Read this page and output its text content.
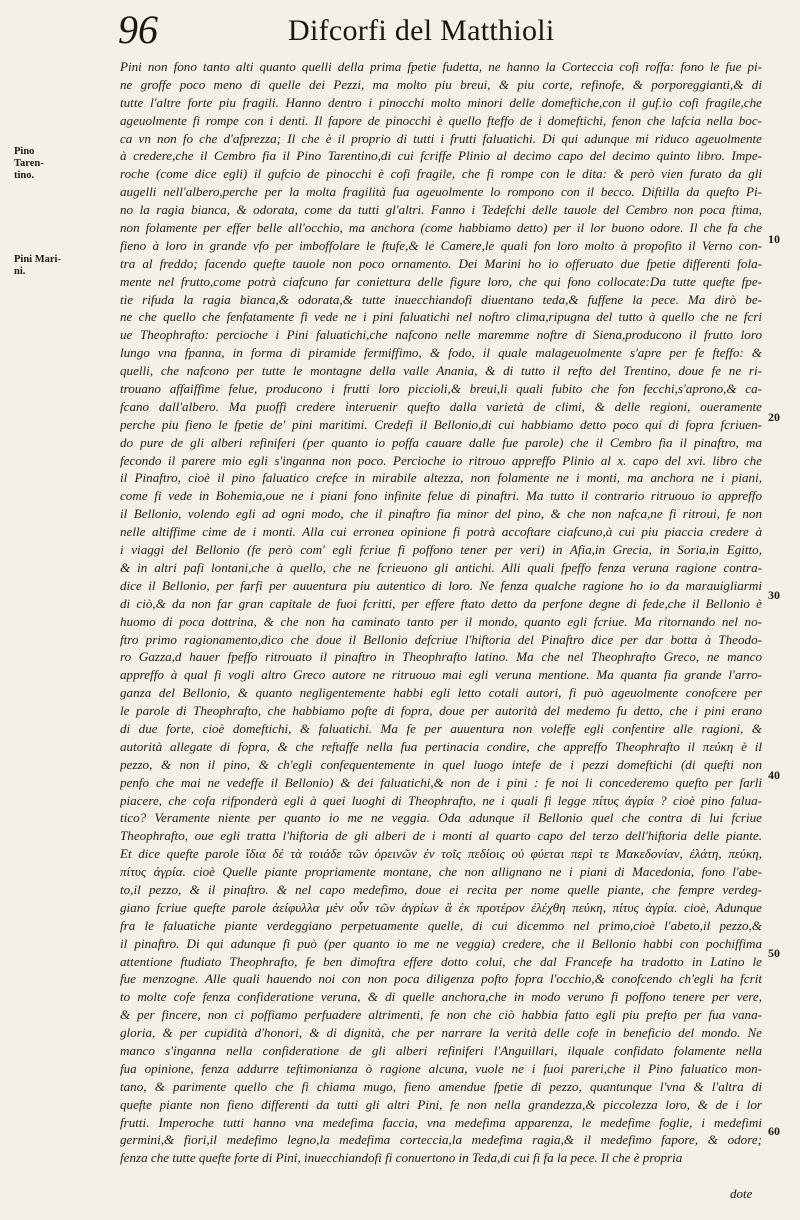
96	Difcorfi del Matthioli
Pino Taren-tino.
Pini Mari-ni.
10
20
30
40
50
60
Pini non fono tanto alti quanto quelli della prima fpetie fudetta, ne hanno la Corteccia cofi roffa: fono le fue pi-
ne groffe poco meno di quelle dei Pezzi, ma molto piu breui, & piu corte, refinofe, & porporeggianti,& di
tutte l'altre forte piu fragili. Hanno dentro i pinocchi molto minori delle domeftiche,con il guf.io cofi fragile,che
ageuolmente fi rompe con i denti. Il fapore de pinocchi è quello fteffo de i domeftichi, fenon che lafcia nella boc-
ca vn non fo che d'afprezza; Il che è il proprio di tutti i frutti faluatichi. Di qui adunque mi riduco ageuolmente
à credere,che il Cembro fia il Pino Tarentino,di cui fcriffe Plinio al decimo capo del decimo quinto libro. Impe-
roche (come dice egli) il gufcio de pinocchi è cofi fragile, che fi rompe con le dita: & però vien furato da gli
augelli nell'albero,perche per la molta fragilità fua ageuolmente lo rompono con il becco. Diftilla da quefto Pi-
no la ragia bianca, & odorata, come da tutti gl'altri. Fanno i Tedefchi delle tauole del Cembro non poca ftima,
non folamente per effer belle all'occhio, ma anchora (come habbiamo detto) per il lor buono odore. Il che fa che
fieno à loro in grande vfo per imboffolare le ftufe,& le Camere,le quali fon loro molto à propofito il Verno con-
tra al freddo; facendo quefte tauole non poco ornamento. Dei Marini ho io offeruato due fpetie differenti fola-
mente nel frutto,come potrà ciafcuno far coniettura delle figure loro, che qui fono collocate:Da tutte quefte fpe-
tie rifuda la ragia bianca,& odorata,& tutte inuecchiandofi diuentano teda,& fuffene la pece. Ma dirò be-
ne che quello che fenfatamente fi vede ne i pini faluatichi nel noftro clima,ripugna del tutto à quello che ne fcri
ue Theophrafto: percioche i Pini faluatichi,che nafcono nelle maremme noftre di Siena,producono il frutto loro
lungo vna fpanna, in forma di piramide fermiffimo, & fodo, il quale malageuolmente s'apre per fe fteffo: &
quelli, che nafcono per tutte le montagne della valle Anania, & di tutto il refto del Trentino, doue fe ne ri-
trouano affaiffime felue, producono i frutti loro piccioli,& breui,li quali fubito che fon fecchi,s'aprono,& ca-
fcano dall'albero. Ma puoffi credere interuenir quefto dalla varietà de climi, & delle regioni, oueramente
perche piu fieno le fpetie de' pini maritimi. Credefi il Bellonio,di cui habbiamo detto poco qui di fopra fcriuen-
do pure de gli alberi refiniferi (per quanto io poffa cauare dalle fue parole) che il Cembro fia il pinaftro, ma
fecondo il parere mio egli s'inganna non poco. Percioche io ritrouo appreffo Plinio al x. capo del xvi. libro che
il Pinaftro, cioè il pino faluatico crefce in mirabile altezza, non folamente ne i monti, ma anchora ne i piani,
come fi vede in Bohemia,oue ne i piani fono infinite felue di pinaftri. Ma tutto il contrario ritruouo io appreffo
il Bellonio, volendo egli ad ogni modo, che il pinaftro fia minor del pino, & che non nafca,ne fi ritroui, fe non
nelle altiffime cime de i monti. Alla cui erronea opinione fi potrà accoftare ciafcuno,à cui piu piaccia credere à
i viaggi del Bellonio (fe però com' egli fcriue fi poffono tener per veri) in Afia,in Grecia, in Soria,in Egitto,
& in altri pafi lontani,che à quello, che ne fcrieuono gli antichi. Alli quali fpeffo fenza veruna ragione contra-
dice il Bellonio, per farfi per auuentura piu autentico di loro. Ne fenza qualche ragione ho io da marauigliarmi
di ciò,& da non far gran capitale de fuoi fcritti, per effere ftato detto da perfone degne di fede,che il Bellonio è
huomo di poca dottrina, & che non ha caminato tanto per il mondo, quanto egli fcriue. Ma ritornando nel no-
ftro primo ragionamento,dico che doue il Bellonio defcriue l'hiftoria del Pinaftro dice per dar botta à Theodo-
ro Gazza,d hauer fpeffo ritrouato il pinaftro in Theophrafto latino. Ma che nel Theophrafto Greco, ne manco
appreffo à qual fi vogli altro Greco autore ne ritruouo mai egli veruna mentione. Ma quanta fia grande l'arro-
ganza del Bellonio, & quanto negligentemente habbi egli letto cotali autori, fi può ageuolmente conofcere per
le parole di Theophrafto, che habbiamo pofte di fopra, doue per autorità del medemo fu detto, che i pini erano
di due forte, cioè domeftichi, & faluatichi. Ma fe per auuentura non voleffe egli confentire alle ragioni, &
autorità allegate di fopra, & che reftaffe nella fua pertinacia condire, che appreffo Theophrafto il πεύκη è il
pezzo, & non il pino, & ch'egli confequentemente in quel luogo intefe de i pezzi domeftichi (di quefti non
penfo che mai ne vedeffe il Bellonio) & dei faluatichi,& non de i pini : fe noi li concederemo quefto per farli
piacere, che cofa rifponderà egli à quei luoghi di Theophrafto, ne i quali fi legge πίτυς ἀγρία ? cioè pino falua-
tico? Veramente niente per quanto io me ne veggia. Oda adunque il Bellonio quel che contra di lui fcriue
Theophrafto, oue egli tratta l'hiftoria de gli alberi de i monti al quarto capo del terzo dell'hiftoria delle piante.
Et dice quefte parole ἴδια δὲ τὰ τοιάδε τῶν ὀρεινῶν ἐν τοῖς πεδίοις οὐ φύεται περὶ τε Μακεδονίαν, ἐλάτη, πεύκη,
πίτυς ἀγρία. cioè Quelle piante propriamente montane, che non allignano ne i piani di Macedonia, fono l'abe-
to,il pezzo, & il pinaftro. & nel capo medefimo, doue ei recita per nome quelle piante, che fempre verdeg-
giano fcriue quefte parole ἀείφυλλα μὲν οὖν τῶν ἀγρίων ἃ ἐκ προτέρον ἐλέχθη πεύκη, πίτυς ἀγρία. cioè, Adunque
fra le faluatiche piante verdeggiano perpetuamente quelle, di cui dicemmo nel primo,cioè l'abeto,il pezzo,&
il pinaftro. Di qui adunque fi può (per quanto io me ne veggia) credere, che il Bellonio habbi con pochiffima
attentione ftudiato Theophrafto, fe ben dimoftra effere dotto colui, che dal Francefe ha tradotto in Latino le
fue menzogne. Alle quali hauendo noi con non poca diligenza pofto fopra l'occhio,& conofcendo ch'egli ha fcrit
to molte cofe fenza confideratione veruna, & di quelle anchora,che in modo veruno fi poffono tenere per vere,
& per fincere, non ci poffiamo perfuadere altrimenti, fe non che ciò habbia fatto egli piu prefto per fua vana-
gloria, & per cupidità d'honori, & di dignità, che per narrare la verità delle cofe in beneficio del mondo. Ne
manco s'inganna nella confideratione de gli alberi refiniferi l'Anguillari, ilquale confidato folamente nella
fua opinione, fenza addurre teftimonianza ò ragione alcuna, vuole ne i fuoi pareri,che il Pino faluatico mon-
tano, & parimente quello che fi chiama mugo, fieno amendue fpetie di pezzo, quantunque l'vna & l'altra di
quefte piante non fieno differenti da tutti gli altri Pini, fe non nella grandezza,& piccolezza loro, & de i lor
frutti. Imperoche tutti hanno vna medefima faccia, vna medefima apparenza, le medefime foglie, i medefimi
germini,& fiori,il medefimo legno,la medefima corteccia,la medefima ragia,& il medefimo fapore, & odore;
fenza che tutte quefte forte di Pini, inuecchiandofi fi conuertono in Teda,di cui fi fa la pece. Il che è propria
dote
